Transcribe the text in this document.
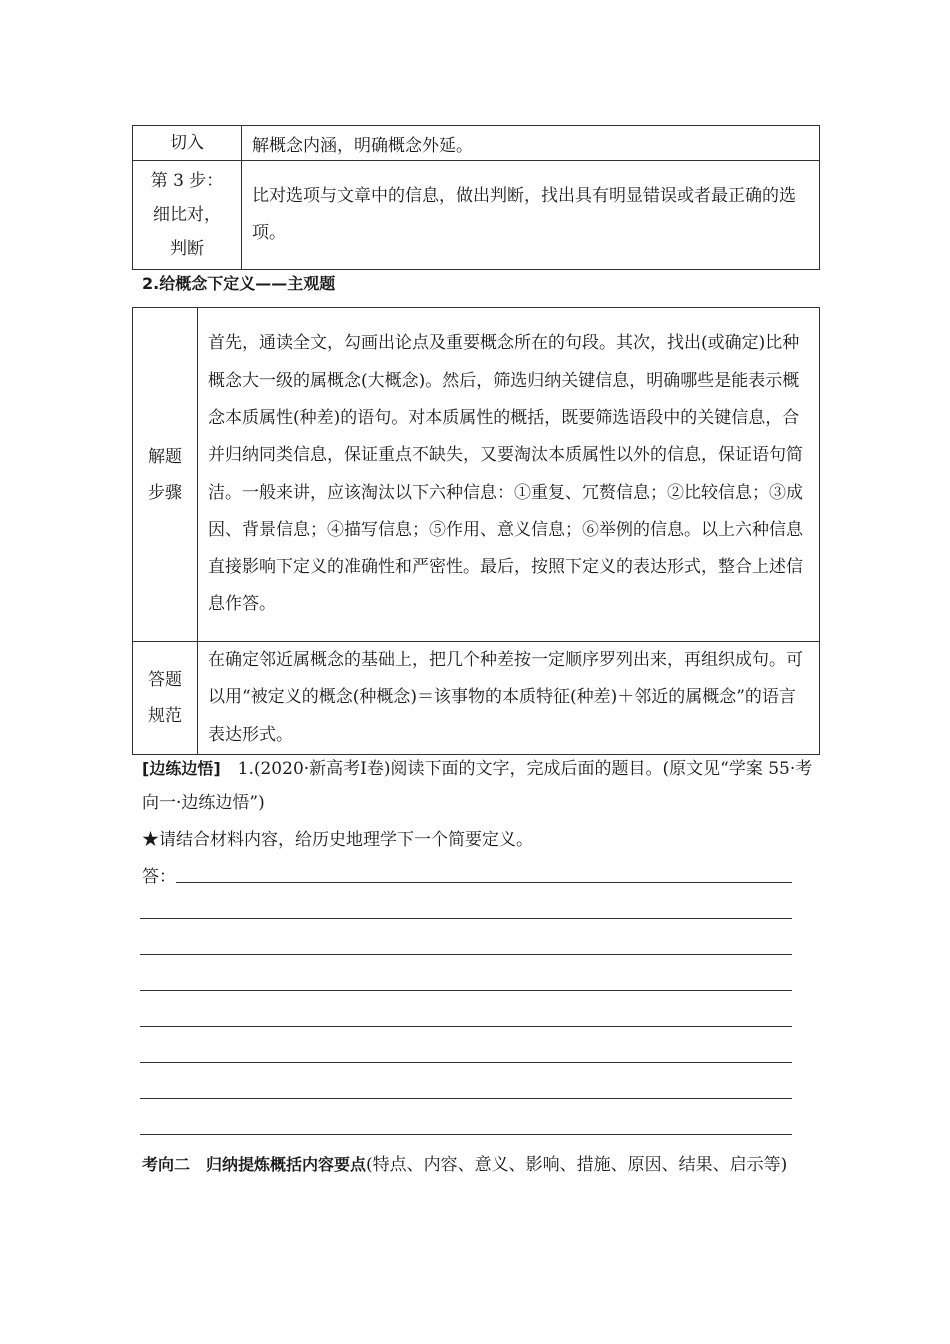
切入	解概念内涵，明确概念外延。

第 3 步：
细比对，
判断	比对选项与文章中的信息，做出判断，找出具有明显错误或者最正确的选项。
2.给概念下定义——主观题
解题
步骤	首先，通读全文，勾画出论点及重要概念所在的句段。其次，找出(或确定)比种概念大一级的属概念(大概念)。然后，筛选归纳关键信息，明确哪些是能表示概念本质属性(种差)的语句。对本质属性的概括，既要筛选语段中的关键信息，合并归纳同类信息，保证重点不缺失，又要淘汰本质属性以外的信息，保证语句简洁。一般来讲，应该淘汰以下六种信息：①重复、冗赘信息；②比较信息；③成因、背景信息；④描写信息；⑤作用、意义信息；⑥举例的信息。以上六种信息直接影响下定义的准确性和严密性。最后，按照下定义的表达形式，整合上述信息作答。

答题
规范	在确定邻近属概念的基础上，把几个种差按一定顺序罗列出来，再组织成句。可以用“被定义的概念(种概念)＝该事物的本质特征(种差)＋邻近的属概念”的语言表达形式。
[边练边悟]　1.(2020·新高考Ⅰ卷)阅读下面的文字，完成后面的题目。(原文见“学案 55·考向一·边练边悟”)
★请结合材料内容，给历史地理学下一个简要定义。
答：
考向二　归纳提炼概括内容要点(特点、内容、意义、影响、措施、原因、结果、启示等)
